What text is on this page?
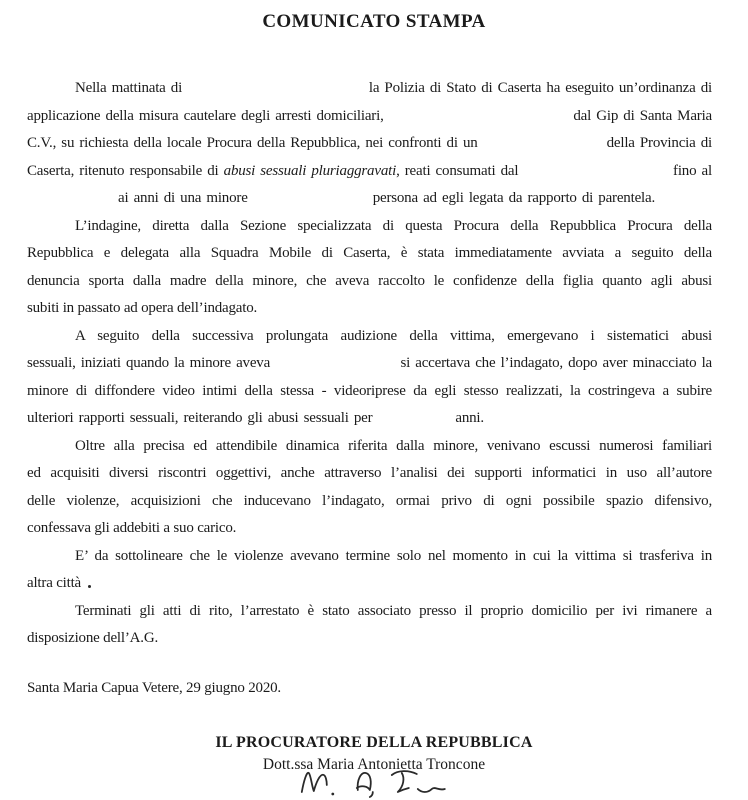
COMUNICATO STAMPA
Nella mattinata di	la Polizia di Stato di Caserta ha eseguito un’ordinanza di
applicazione della misura cautelare degli arresti domiciliari,	dal Gip di Santa Maria
C.V., su richiesta della locale Procura della Repubblica, nei confronti di un	della Provincia di
Caserta, ritenuto responsabile di abusi sessuali pluriaggravati, reati consumati dal	fino al
ai anni di una minore	persona ad egli legata da rapporto di parentela.
L’indagine, diretta dalla Sezione specializzata di questa Procura della Repubblica Procura della
Repubblica e delegata alla Squadra Mobile di Caserta, è stata immediatamente avviata a seguito della
denuncia sporta dalla madre della minore, che aveva raccolto le confidenze della figlia quanto agli abusi
subiti in passato ad opera dell’indagato.
A seguito della successiva prolungata audizione della vittima, emergevano i sistematici abusi
sessuali, iniziati quando la minore aveva	si accertava che l’indagato, dopo aver minacciato la
minore di diffondere video intimi della stessa - videoriprese da egli stesso realizzati, la costringeva a subire
ulteriori rapporti sessuali, reiterando gli abusi sessuali per	anni.
Oltre alla precisa ed attendibile dinamica riferita dalla minore, venivano escussi numerosi familiari
ed acquisiti diversi riscontri oggettivi, anche attraverso l’analisi dei supporti informatici in uso all’autore
delle violenze, acquisizioni che inducevano l’indagato, ormai privo di ogni possibile spazio difensivo,
confessava gli addebiti a suo carico.
E’ da sottolineare che le violenze avevano termine solo nel momento in cui la vittima si trasferiva in
altra città
Terminati gli atti di rito, l’arrestato è stato associato presso il proprio domicilio per ivi rimanere a
disposizione dell’A.G.
Santa Maria Capua Vetere, 29 giugno 2020.
IL PROCURATORE DELLA REPUBBLICA
Dott.ssa Maria Antonietta Troncone
